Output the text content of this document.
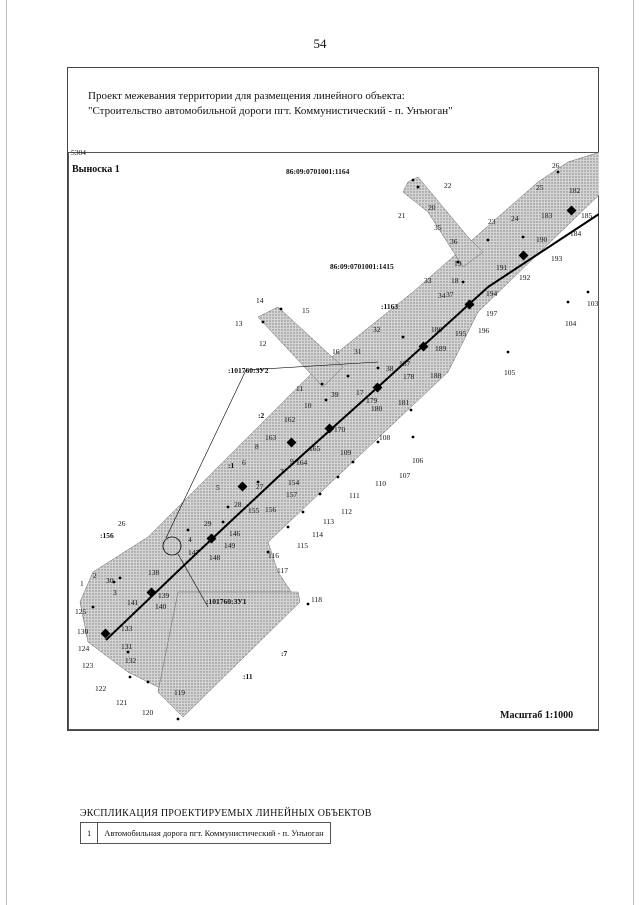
54
Проект межевания территории для размещения линейного объекта:
"Строительство автомобильной дороги пгт. Коммунистический - п. Унъюган"
5304
Выноска 1
Масштаб 1:1000
86:09:0701001:1164
86:09:0701001:1415
:1163
:101760:ЗУ2
:101760:ЗУ1
:2
:1
:156
:7
:11
1
2
3
4
5
6
7
8
9
10
11
12
13
14
15
16
17
18
19
20
21
22
23 24
25
26
26
27
28
29
30
31
32
33
34
35
36
37
38
39
103
104
105
106
107
108
109
110
111
112
113
114
115
116
117
118
119
120
121
122
123
124
125
130
131
132
133
138
139
140
141
146
147
148
149
154
155 156
157
162
163
164
165
170
178
179
180
181
182
183
184
185
186
187
188
189
190
191
192
193
194
195 196
197
ЭКСПЛИКАЦИЯ ПРОЕКТИРУЕМЫХ ЛИНЕЙНЫХ ОБЪЕКТОВ
1	Автомобильная дорога пгт. Коммунистический - п. Унъюган
